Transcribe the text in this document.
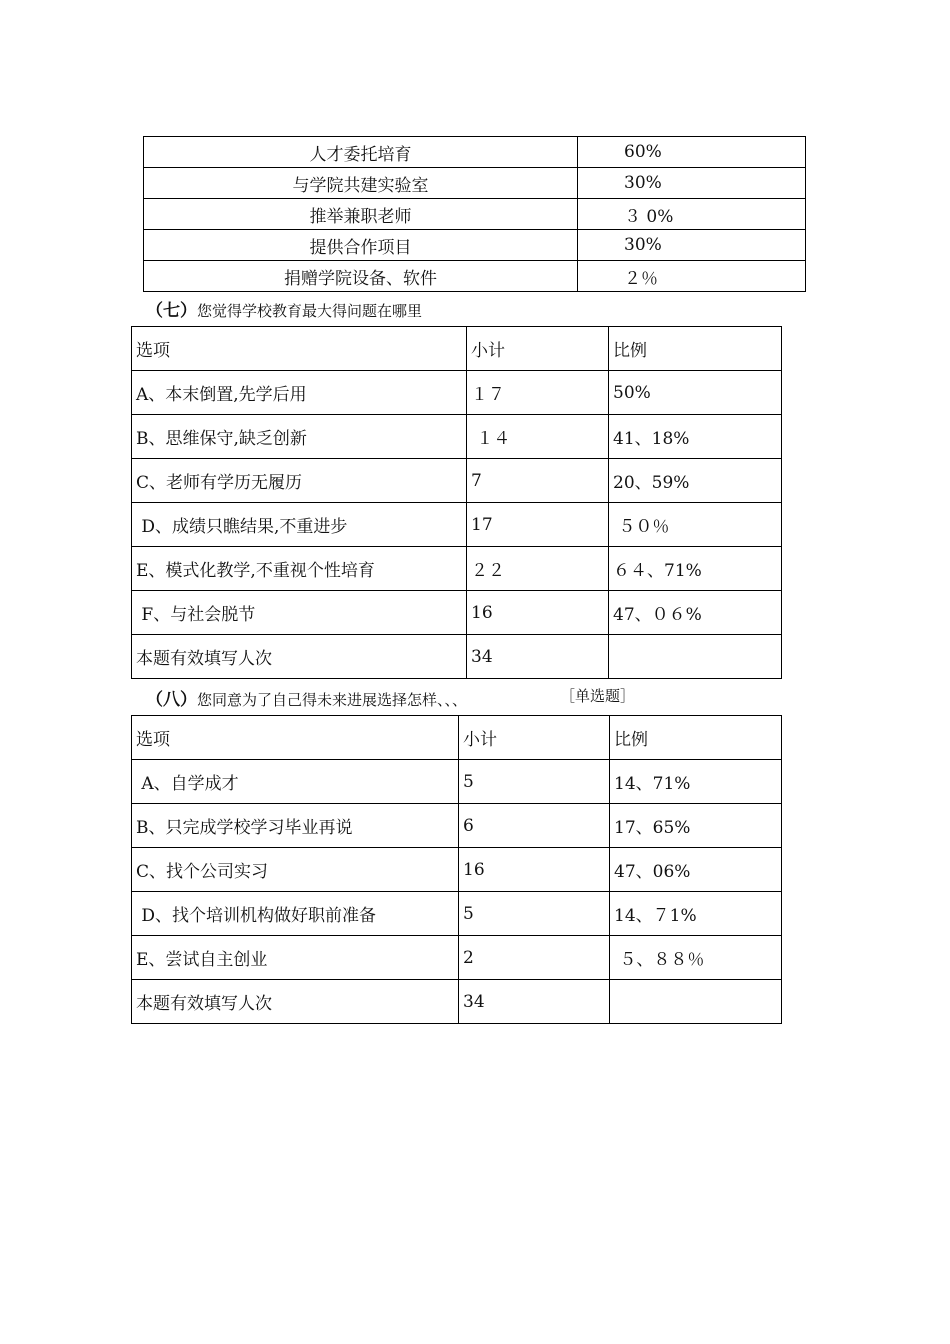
人才委托培育	60%
与学院共建实验室	30%
推举兼职老师	３ 0%
提供合作项目	30%
捐赠学院设备、软件	２％
（七）您觉得学校教育最大得问题在哪里
选项	小计	比例
A、本末倒置,先学后用	１７	50%
B、思维保守,缺乏创新	１４	41、18%
C、老师有学历无履历	7	20、59%
D、成绩只瞧结果,不重进步	17	５０％
E、模式化教学,不重视个性培育	２２	６４、71%
F、与社会脱节	16	47、０６%
本题有效填写人次	34	
（八）您同意为了自己得未来进展选择怎样、、、	［单选题］
选项	小计	比例
A、自学成才	5	14、71%
B、只完成学校学习毕业再说	6	17、65%
C、找个公司实习	16	47、06%
D、找个培训机构做好职前准备	5	14、７1%
E、尝试自主创业	2	５、８８％
本题有效填写人次	34	
